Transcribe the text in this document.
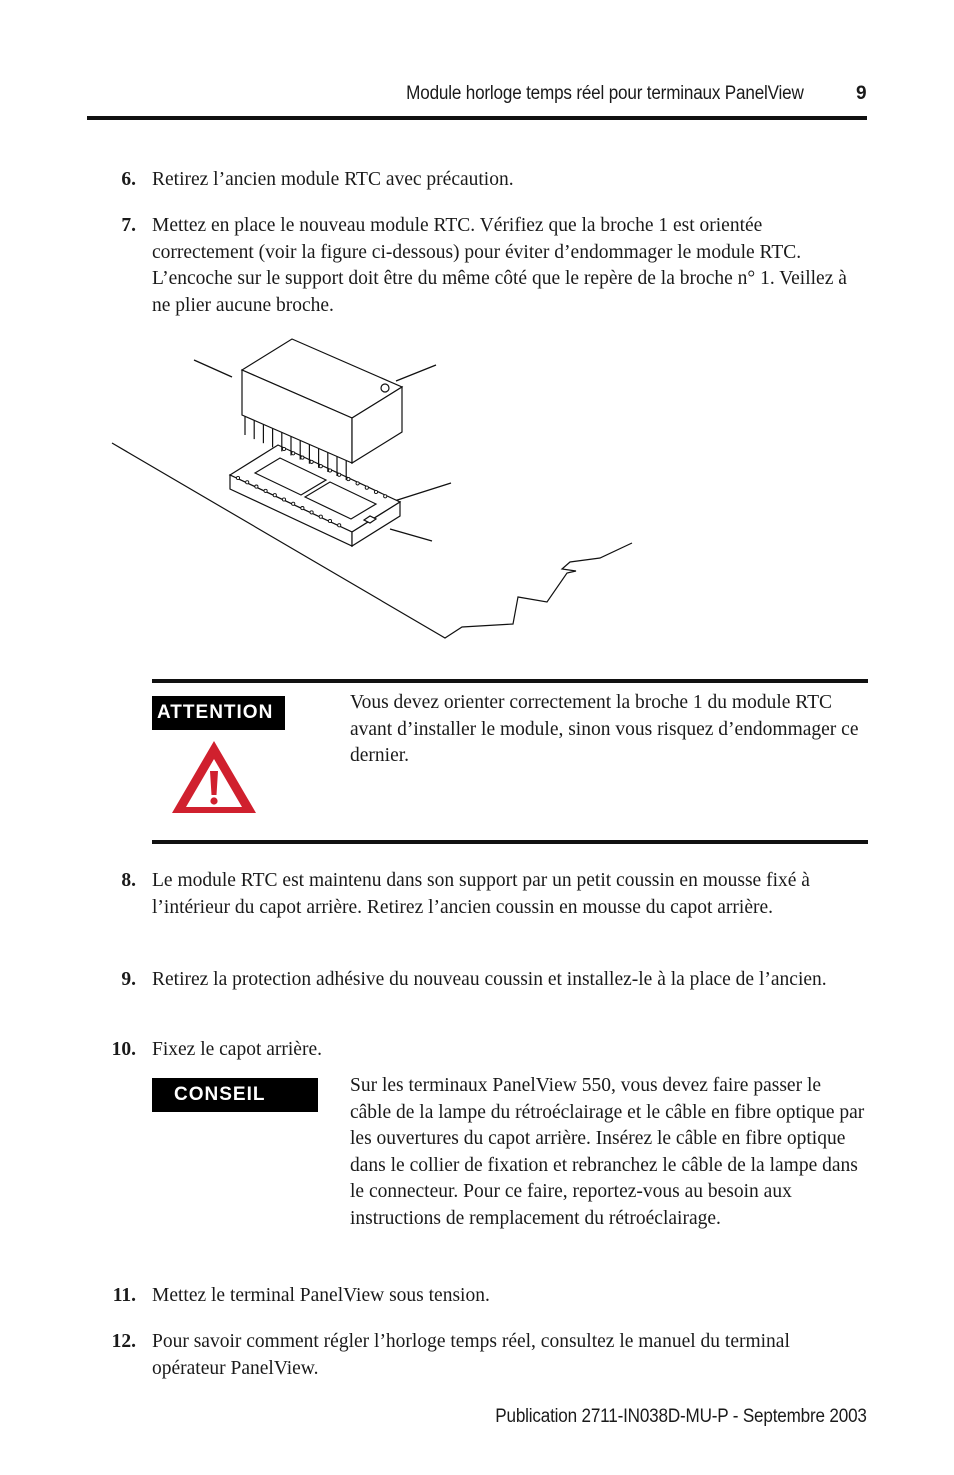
Module horloge temps réel pour terminaux PanelView	9
6. Retirez l’ancien module RTC avec précaution.
7. Mettez en place le nouveau module RTC. Vérifiez que la broche 1 est orientée correctement (voir la figure ci-dessous) pour éviter d’endommager le module RTC. L’encoche sur le support doit être du même côté que le repère de la broche n° 1. Veillez à ne plier aucune broche.
ATTENTION	Vous devez orienter correctement la broche 1 du module RTC avant d’installer le module, sinon vous risquez d’endommager ce dernier.
8. Le module RTC est maintenu dans son support par un petit coussin en mousse fixé à l’intérieur du capot arrière. Retirez l’ancien coussin en mousse du capot arrière.
9. Retirez la protection adhésive du nouveau coussin et installez-le à la place de l’ancien.
10. Fixez le capot arrière.
CONSEIL	Sur les terminaux PanelView 550, vous devez faire passer le câble de la lampe du rétroéclairage et le câble en fibre optique par les ouvertures du capot arrière. Insérez le câble en fibre optique dans le collier de fixation et rebranchez le câble de la lampe dans le connecteur. Pour ce faire, reportez-vous au besoin aux instructions de remplacement du rétroéclairage.
11. Mettez le terminal PanelView sous tension.
12. Pour savoir comment régler l’horloge temps réel, consultez le manuel du terminal opérateur PanelView.
Publication 2711-IN038D-MU-P - Septembre 2003
